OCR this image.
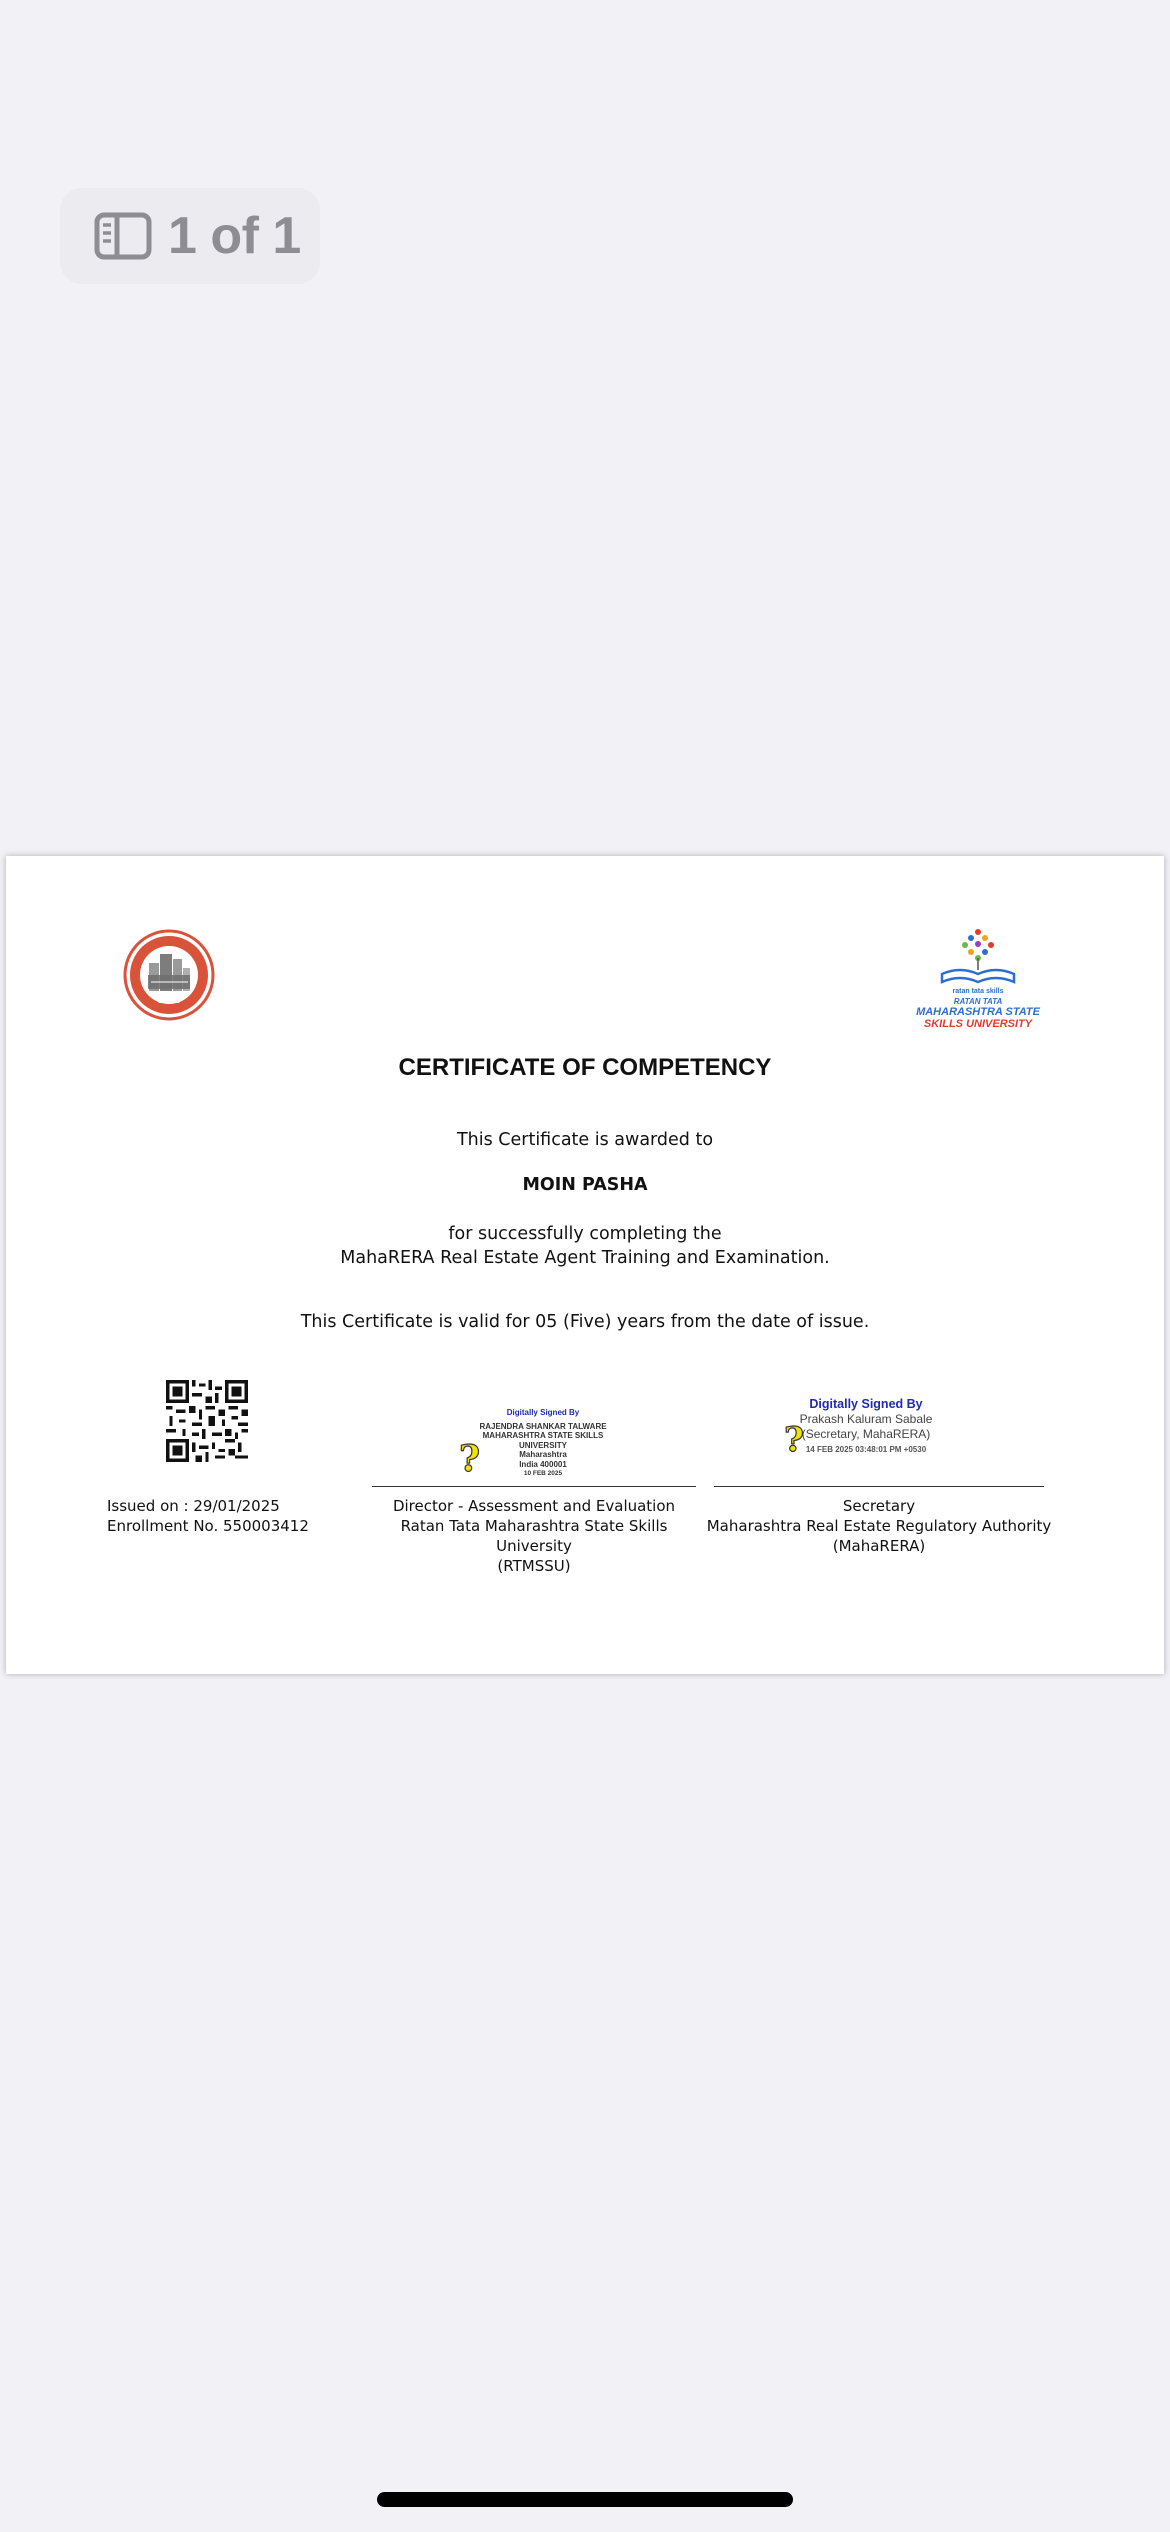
1 of 1
ratan tata skills
RATAN TATA
MAHARASHTRA STATE
SKILLS UNIVERSITY
CERTIFICATE OF COMPETENCY
This Certificate is awarded to
MOIN PASHA
for successfully completing the
MahaRERA Real Estate Agent Training and Examination.
This Certificate is valid for 05 (Five) years from the date of issue.
Issued on : 29/01/2025
Enrollment No. 550003412
Digitally Signed By
RAJENDRA SHANKAR TALWARE
MAHARASHTRA STATE SKILLS
UNIVERSITY
Maharashtra
India 400001
10 FEB 2025
?
Digitally Signed By
Prakash Kaluram Sabale
(Secretary, MahaRERA)
14 FEB 2025 03:48:01 PM +0530
?
Director - Assessment and Evaluation
Ratan Tata Maharashtra State Skills University
(RTMSSU)
Secretary
Maharashtra Real Estate Regulatory Authority
(MahaRERA)
